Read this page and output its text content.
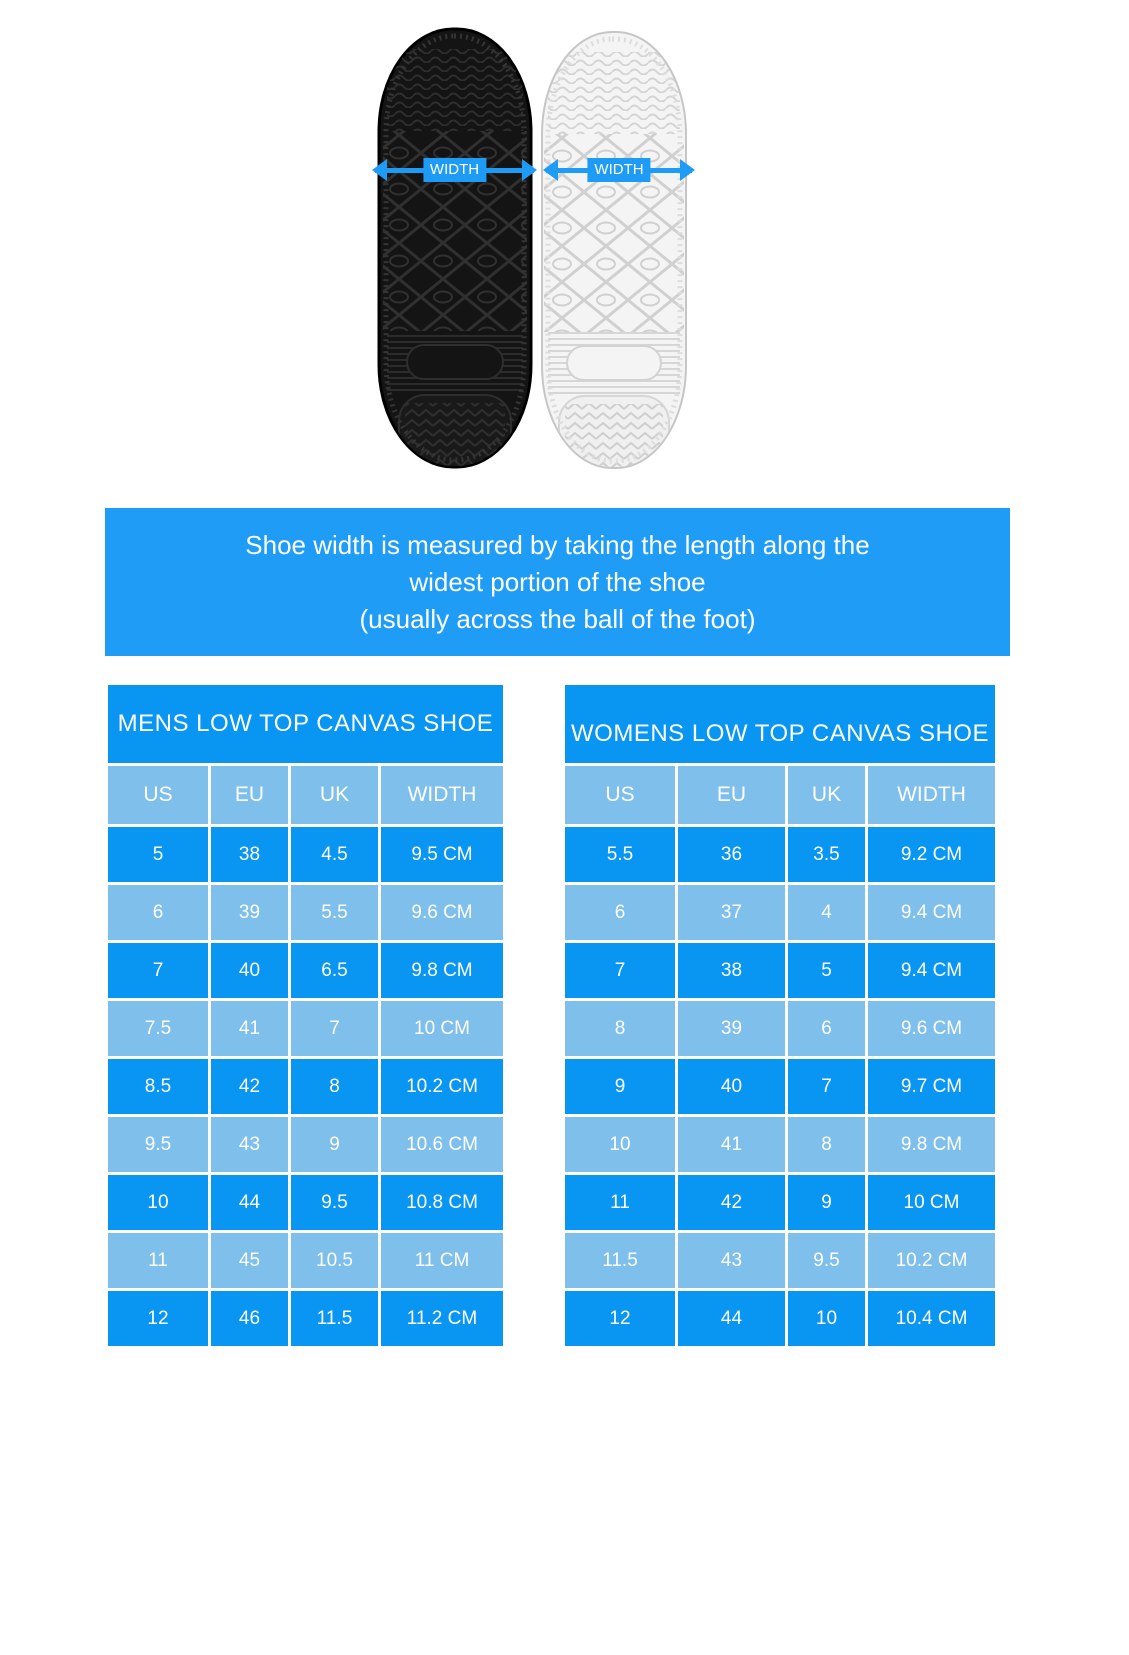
WIDTH	WIDTH
Shoe width is measured by taking the length along the
widest portion of the shoe
(usually across the ball of the foot)
MENS LOW TOP CANVAS SHOE
US	EU	UK	WIDTH
5	38	4.5	9.5 CM
6	39	5.5	9.6 CM
7	40	6.5	9.8 CM
7.5	41	7	10 CM
8.5	42	8	10.2 CM
9.5	43	9	10.6 CM
10	44	9.5	10.8 CM
11	45	10.5	11 CM
12	46	11.5	11.2 CM
WOMENS LOW TOP CANVAS SHOE
US	EU	UK	WIDTH
5.5	36	3.5	9.2 CM
6	37	4	9.4 CM
7	38	5	9.4 CM
8	39	6	9.6 CM
9	40	7	9.7 CM
10	41	8	9.8 CM
11	42	9	10 CM
11.5	43	9.5	10.2 CM
12	44	10	10.4 CM
